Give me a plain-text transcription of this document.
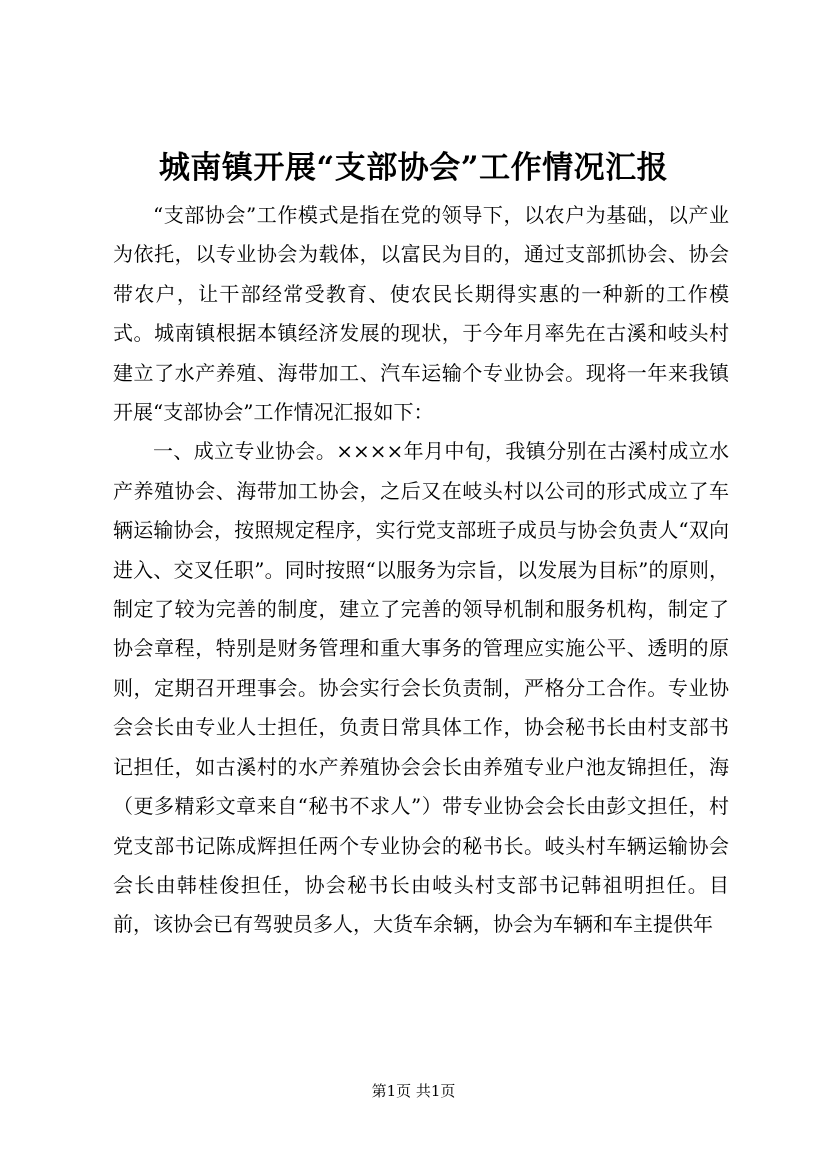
城南镇开展“支部协会”工作情况汇报

“支部协会”工作模式是指在党的领导下，以农户为基础，以产业为依托，以专业协会为载体，以富民为目的，通过支部抓协会、协会带农户，让干部经常受教育、使农民长期得实惠的一种新的工作模式。城南镇根据本镇经济发展的现状，于今年月率先在古溪和岐头村建立了水产养殖、海带加工、汽车运输个专业协会。现将一年来我镇开展“支部协会”工作情况汇报如下：

一、成立专业协会。××××年月中旬，我镇分别在古溪村成立水产养殖协会、海带加工协会，之后又在岐头村以公司的形式成立了车辆运输协会，按照规定程序，实行党支部班子成员与协会负责人“双向进入、交叉任职”。同时按照“以服务为宗旨，以发展为目标”的原则，制定了较为完善的制度，建立了完善的领导机制和服务机构，制定了协会章程，特别是财务管理和重大事务的管理应实施公平、透明的原则，定期召开理事会。协会实行会长负责制，严格分工合作。专业协会会长由专业人士担任，负责日常具体工作，协会秘书长由村支部书记担任，如古溪村的水产养殖协会会长由养殖专业户池友锦担任，海（更多精彩文章来自“秘书不求人”）带专业协会会长由彭文担任，村党支部书记陈成辉担任两个专业协会的秘书长。岐头村车辆运输协会会长由韩桂俊担任，协会秘书长由岐头村支部书记韩祖明担任。目前，该协会已有驾驶员多人，大货车余辆，协会为车辆和车主提供年

第1页 共1页
